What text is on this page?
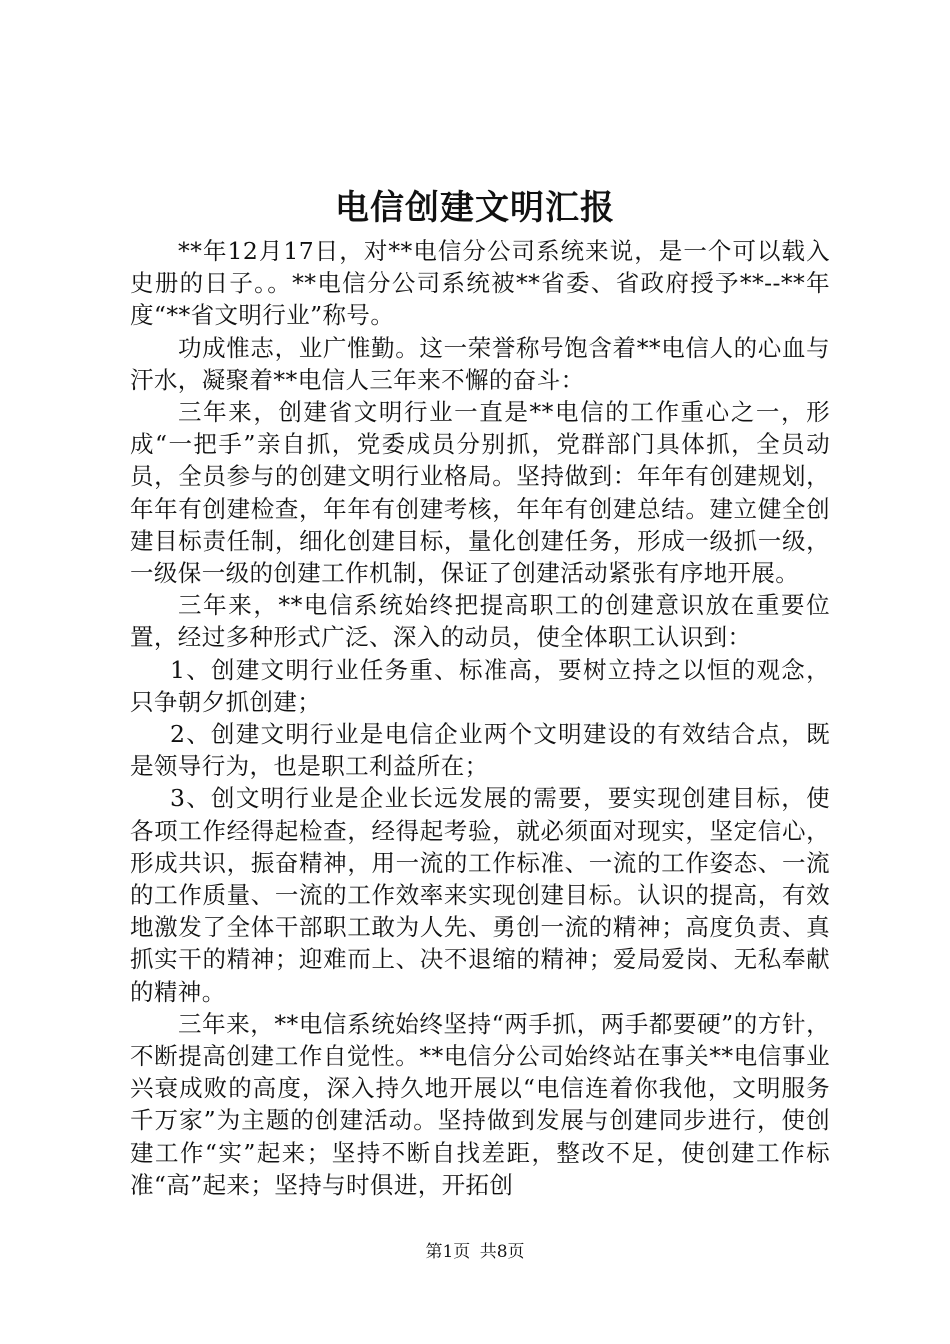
电信创建文明汇报

**年12月17日，对**电信分公司系统来说，是一个可以载入史册的日子。。**电信分公司系统被**省委、省政府授予**--**年度“**省文明行业”称号。

功成惟志，业广惟勤。这一荣誉称号饱含着**电信人的心血与汗水，凝聚着**电信人三年来不懈的奋斗：

三年来，创建省文明行业一直是**电信的工作重心之一，形成“一把手”亲自抓，党委成员分别抓，党群部门具体抓，全员动员，全员参与的创建文明行业格局。坚持做到：年年有创建规划，年年有创建检查，年年有创建考核，年年有创建总结。建立健全创建目标责任制，细化创建目标，量化创建任务，形成一级抓一级，一级保一级的创建工作机制，保证了创建活动紧张有序地开展。

三年来，**电信系统始终把提高职工的创建意识放在重要位置，经过多种形式广泛、深入的动员，使全体职工认识到：

1、创建文明行业任务重、标准高，要树立持之以恒的观念，只争朝夕抓创建；

2、创建文明行业是电信企业两个文明建设的有效结合点，既是领导行为，也是职工利益所在；

3、创文明行业是企业长远发展的需要，要实现创建目标，使各项工作经得起检查，经得起考验，就必须面对现实，坚定信心，形成共识，振奋精神，用一流的工作标准、一流的工作姿态、一流的工作质量、一流的工作效率来实现创建目标。认识的提高，有效地激发了全体干部职工敢为人先、勇创一流的精神；高度负责、真抓实干的精神；迎难而上、决不退缩的精神；爱局爱岗、无私奉献的精神。

三年来，**电信系统始终坚持“两手抓，两手都要硬”的方针，不断提高创建工作自觉性。**电信分公司始终站在事关**电信事业兴衰成败的高度，深入持久地开展以“电信连着你我他，文明服务千万家”为主题的创建活动。坚持做到发展与创建同步进行，使创建工作“实”起来；坚持不断自找差距，整改不足，使创建工作标准“高”起来；坚持与时俱进，开拓创

第1页 共8页
